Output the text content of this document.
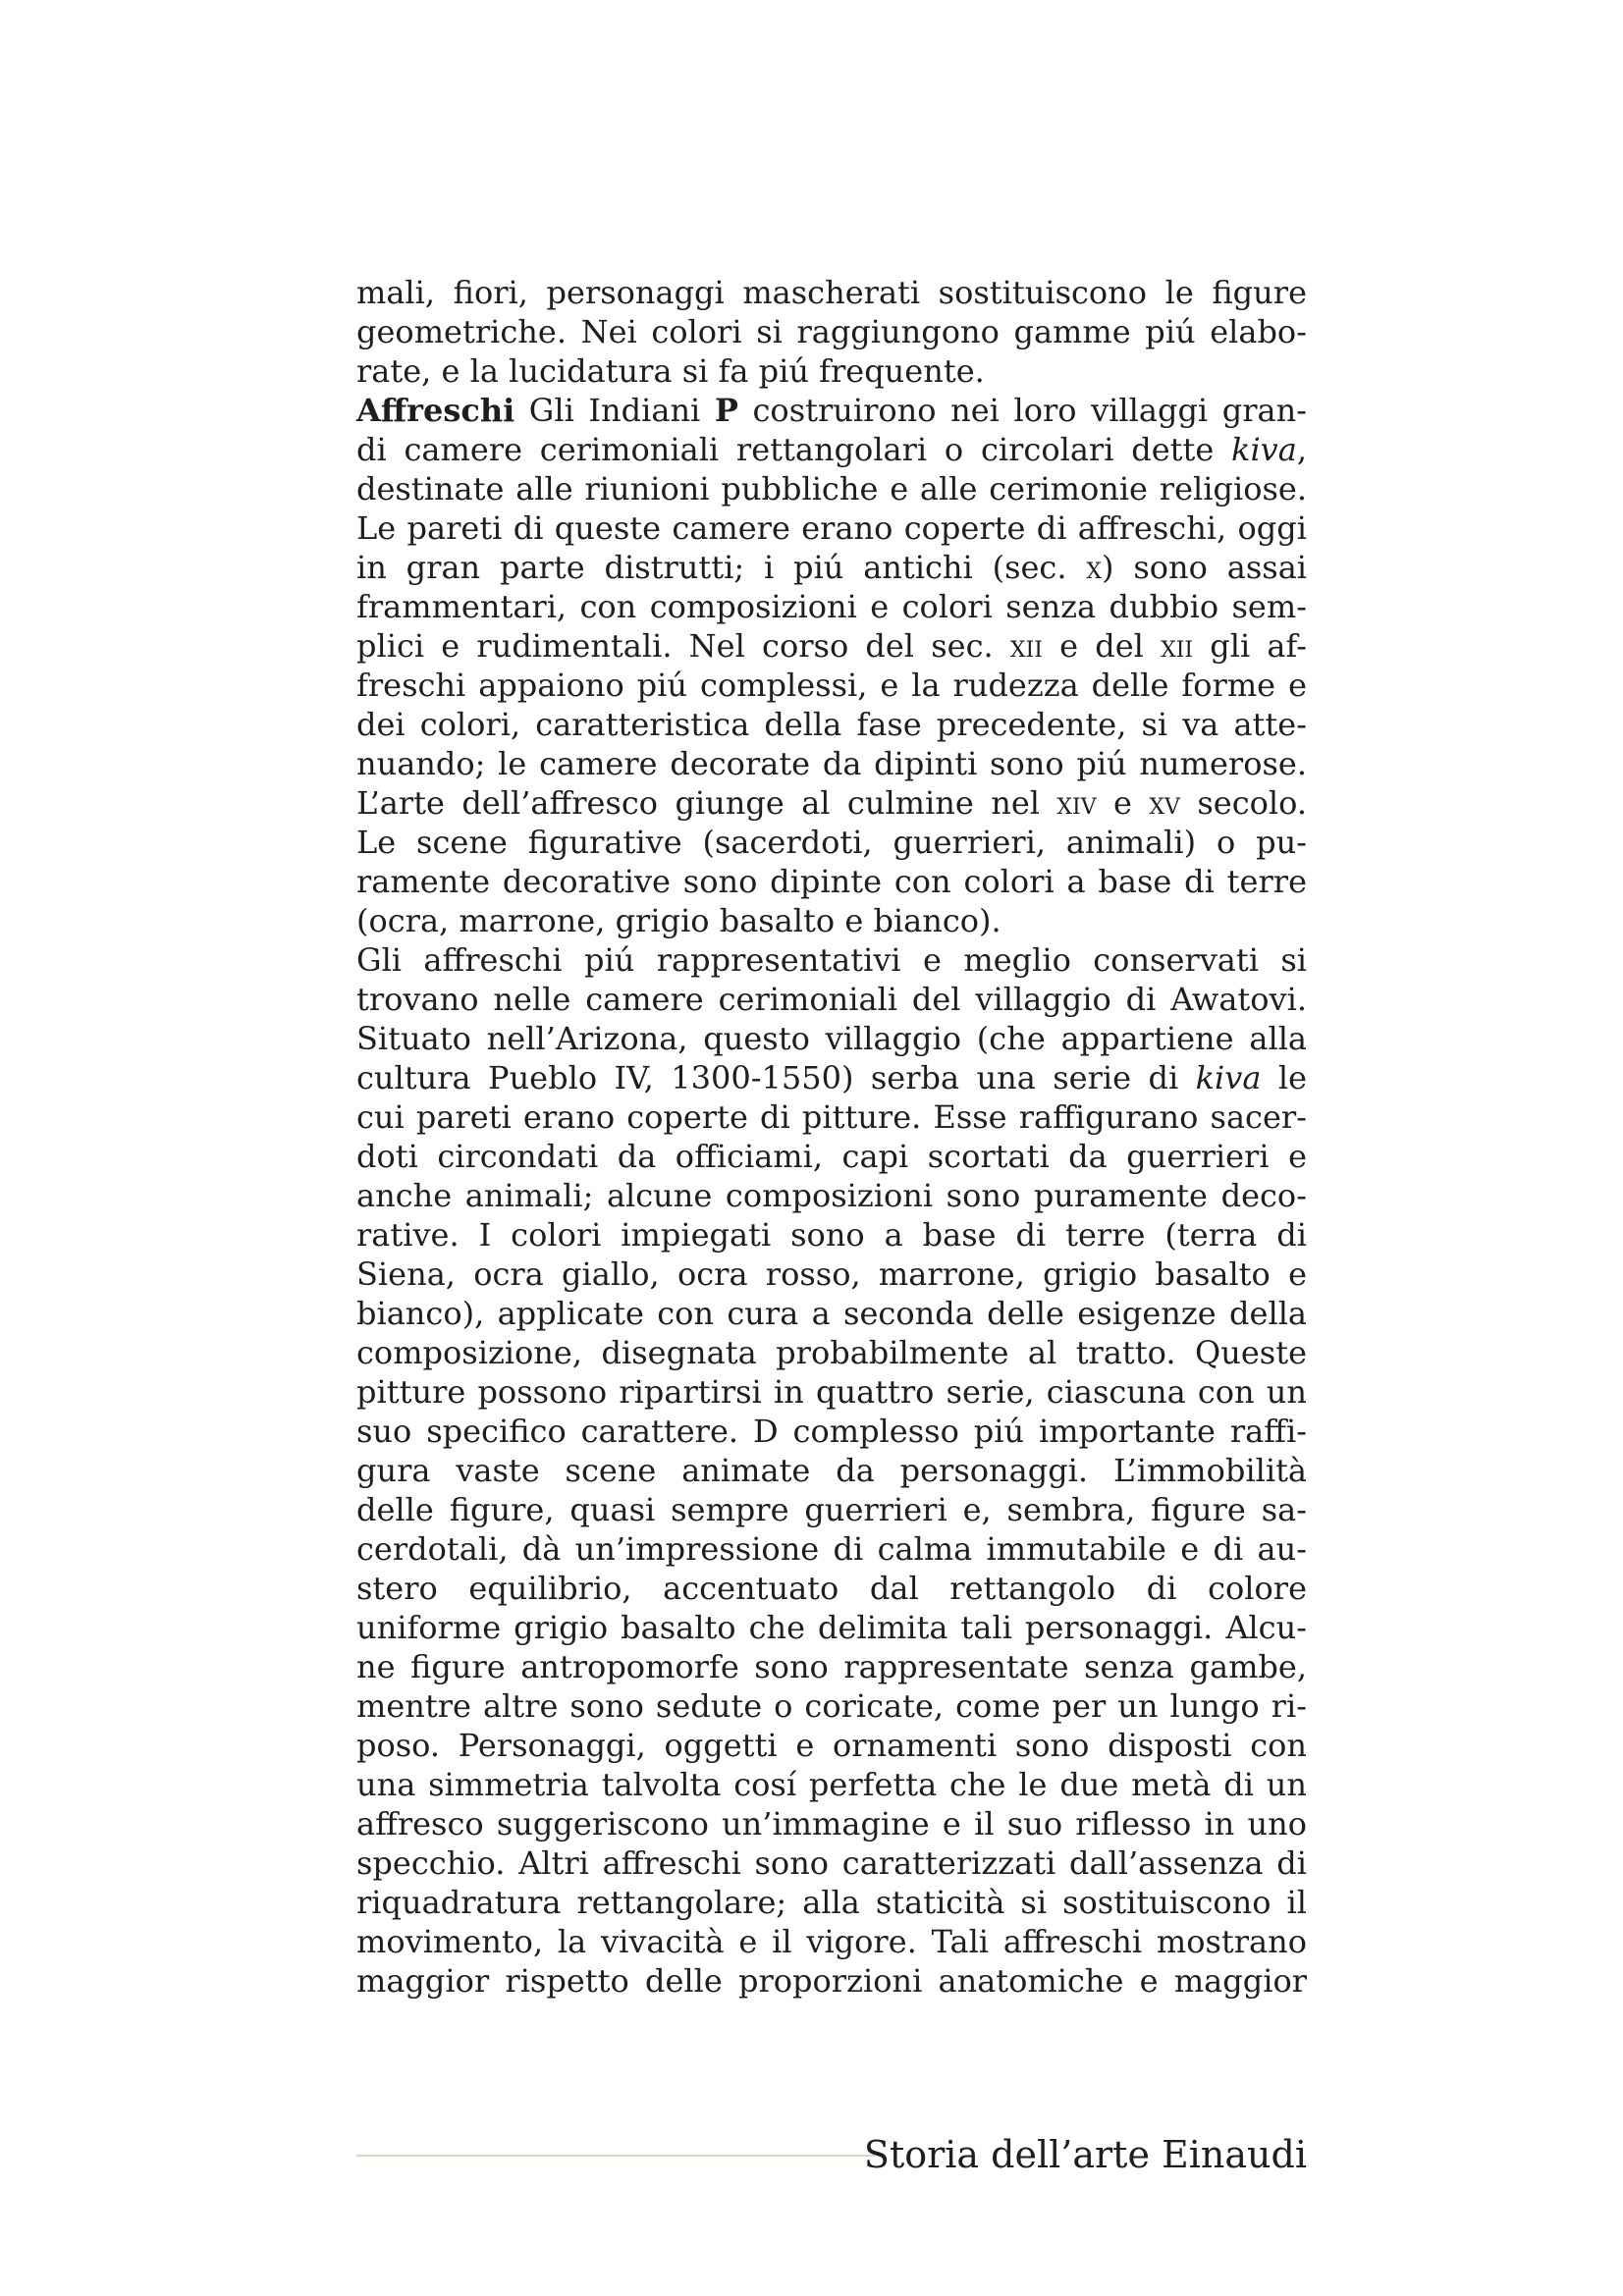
mali, fiori, personaggi mascherati sostituiscono le figure
geometriche. Nei colori si raggiungono gamme piú elabo-
rate, e la lucidatura si fa piú frequente.
Affreschi Gli Indiani P costruirono nei loro villaggi gran-
di camere cerimoniali rettangolari o circolari dette kiva,
destinate alle riunioni pubbliche e alle cerimonie religiose.
Le pareti di queste camere erano coperte di affreschi, oggi
in gran parte distrutti; i piú antichi (sec. x) sono assai
frammentari, con composizioni e colori senza dubbio sem-
plici e rudimentali. Nel corso del sec. xii e del xii gli af-
freschi appaiono piú complessi, e la rudezza delle forme e
dei colori, caratteristica della fase precedente, si va atte-
nuando; le camere decorate da dipinti sono piú numerose.
L’arte dell’affresco giunge al culmine nel xiv e xv secolo.
Le scene figurative (sacerdoti, guerrieri, animali) o pu-
ramente decorative sono dipinte con colori a base di terre
(ocra, marrone, grigio basalto e bianco).
Gli affreschi piú rappresentativi e meglio conservati si
trovano nelle camere cerimoniali del villaggio di Awatovi.
Situato nell’Arizona, questo villaggio (che appartiene alla
cultura Pueblo IV, 1300-1550) serba una serie di kiva le
cui pareti erano coperte di pitture. Esse raffigurano sacer-
doti circondati da officiami, capi scortati da guerrieri e
anche animali; alcune composizioni sono puramente deco-
rative. I colori impiegati sono a base di terre (terra di
Siena, ocra giallo, ocra rosso, marrone, grigio basalto e
bianco), applicate con cura a seconda delle esigenze della
composizione, disegnata probabilmente al tratto. Queste
pitture possono ripartirsi in quattro serie, ciascuna con un
suo specifico carattere. D complesso piú importante raffi-
gura vaste scene animate da personaggi. L’immobilità
delle figure, quasi sempre guerrieri e, sembra, figure sa-
cerdotali, dà un’impressione di calma immutabile e di au-
stero equilibrio, accentuato dal rettangolo di colore
uniforme grigio basalto che delimita tali personaggi. Alcu-
ne figure antropomorfe sono rappresentate senza gambe,
mentre altre sono sedute o coricate, come per un lungo ri-
poso. Personaggi, oggetti e ornamenti sono disposti con
una simmetria talvolta cosí perfetta che le due metà di un
affresco suggeriscono un’immagine e il suo riflesso in uno
specchio. Altri affreschi sono caratterizzati dall’assenza di
riquadratura rettangolare; alla staticità si sostituiscono il
movimento, la vivacità e il vigore. Tali affreschi mostrano
maggior rispetto delle proporzioni anatomiche e maggior
Storia dell’arte Einaudi
